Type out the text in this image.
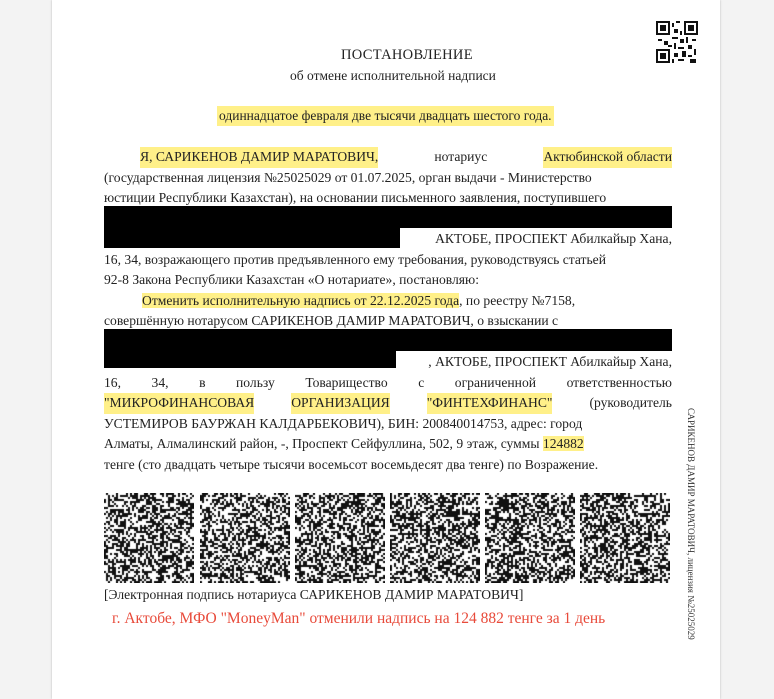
ПОСТАНОВЛЕНИЕ
об отмене исполнительной надписи
одиннадцатое февраля две тысячи двадцать шестого года.
Я, САРИКЕНОВ ДАМИР МАРАТОВИЧ,	нотариус	Актюбинской области
(государственная лицензия №25025029 от 01.07.2025, орган выдачи - Министерство
юстиции Республики Казахстан), на основании письменного заявления, поступившего
АКТОБЕ, ПРОСПЕКТ Абилкайыр Хана,
16, 34, возражающего против предъявленного ему требования, руководствуясь статьей
92-8 Закона Республики Казахстан «О нотариате», постановляю:
Отменить исполнительную надпись от 22.12.2025 года, по реестру №7158,
совершённую нотарусом САРИКЕНОВ ДАМИР МАРАТОВИЧ, о взыскании с
, АКТОБЕ, ПРОСПЕКТ Абилкайыр Хана,
16, 34, в пользу Товарищество с ограниченной ответственностью
"МИКРОФИНАНСОВАЯ	ОРГАНИЗАЦИЯ	"ФИНТЕХФИНАНС"	(руководитель
УСТЕМИРОВ БАУРЖАН КАЛДАРБЕКОВИЧ), БИН: 200840014753, адрес: город
Алматы, Алмалинский район, -, Проспект Сейфуллина, 502, 9 этаж, суммы 124882
тенге (сто двадцать четыре тысячи восемьсот восемьдесят два тенге) по Возражение.
[Электронная подпись нотариуса САРИКЕНОВ ДАМИР МАРАТОВИЧ]
г. Актобе, МФО "MoneyMan" отменили надпись на 124 882 тенге за 1 день	САРИКЕНОВ ДАМИР МАРАТОВИЧ, лицензия №25025029
